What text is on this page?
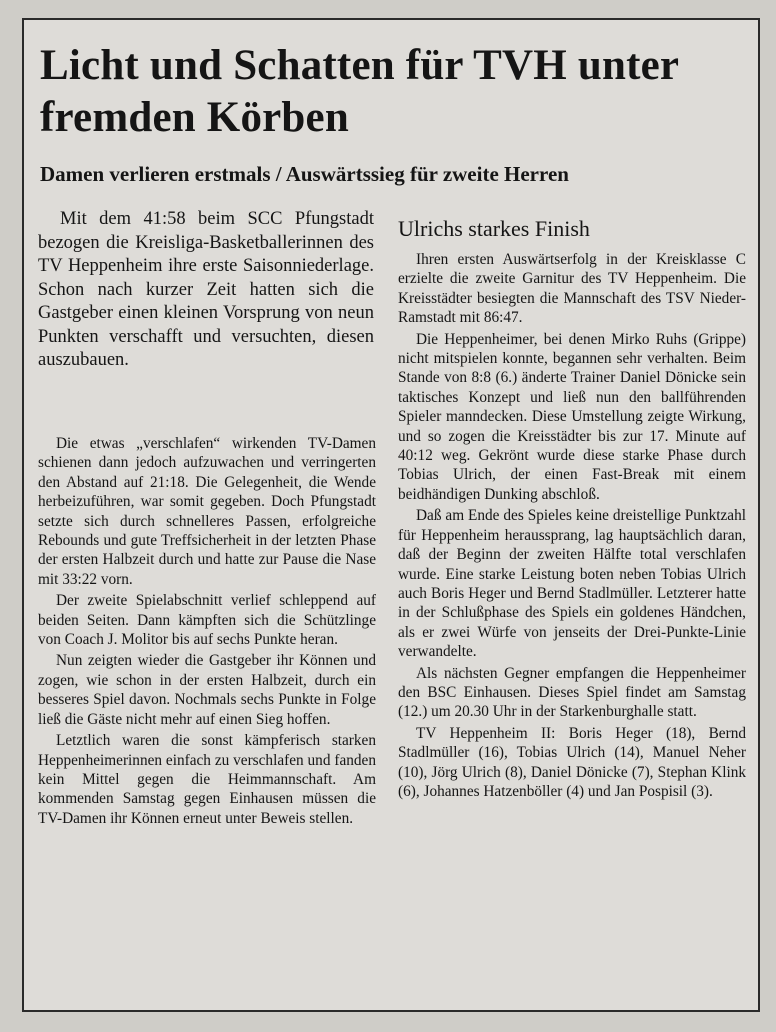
Licht und Schatten für TVH unter fremden Körben
Damen verlieren erstmals / Auswärtssieg für zweite Herren

Mit dem 41:58 beim SCC Pfungstadt bezogen die Kreisliga-Basketballerinnen des TV Heppenheim ihre erste Saisonniederlage. Schon nach kurzer Zeit hatten sich die Gastgeber einen kleinen Vorsprung von neun Punkten verschafft und versuchten, diesen auszubauen.

Die etwas „verschlafen“ wirkenden TV-Damen schienen dann jedoch aufzuwachen und verringerten den Abstand auf 21:18. Die Gelegenheit, die Wende herbeizuführen, war somit gegeben. Doch Pfungstadt setzte sich durch schnelleres Passen, erfolgreiche Rebounds und gute Treffsicherheit in der letzten Phase der ersten Halbzeit durch und hatte zur Pause die Nase mit 33:22 vorn.

Der zweite Spielabschnitt verlief schleppend auf beiden Seiten. Dann kämpften sich die Schützlinge von Coach J. Molitor bis auf sechs Punkte heran.

Nun zeigten wieder die Gastgeber ihr Können und zogen, wie schon in der ersten Halbzeit, durch ein besseres Spiel davon. Nochmals sechs Punkte in Folge ließ die Gäste nicht mehr auf einen Sieg hoffen.

Letztlich waren die sonst kämpferisch starken Heppenheimerinnen einfach zu verschlafen und fanden kein Mittel gegen die Heimmannschaft. Am kommenden Samstag gegen Einhausen müssen die TV-Damen ihr Können erneut unter Beweis stellen.

Ulrichs starkes Finish

Ihren ersten Auswärtserfolg in der Kreisklasse C erzielte die zweite Garnitur des TV Heppenheim. Die Kreisstädter besiegten die Mannschaft des TSV Nieder-Ramstadt mit 86:47.

Die Heppenheimer, bei denen Mirko Ruhs (Grippe) nicht mitspielen konnte, begannen sehr verhalten. Beim Stande von 8:8 (6.) änderte Trainer Daniel Dönicke sein taktisches Konzept und ließ nun den ballführenden Spieler manndecken. Diese Umstellung zeigte Wirkung, und so zogen die Kreisstädter bis zur 17. Minute auf 40:12 weg. Gekrönt wurde diese starke Phase durch Tobias Ulrich, der einen Fast-Break mit einem beidhändigen Dunking abschloß.

Daß am Ende des Spieles keine dreistellige Punktzahl für Heppenheim heraussprang, lag hauptsächlich daran, daß der Beginn der zweiten Hälfte total verschlafen wurde. Eine starke Leistung boten neben Tobias Ulrich auch Boris Heger und Bernd Stadlmüller. Letzterer hatte in der Schlußphase des Spiels ein goldenes Händchen, als er zwei Würfe von jenseits der Drei-Punkte-Linie verwandelte.

Als nächsten Gegner empfangen die Heppenheimer den BSC Einhausen. Dieses Spiel findet am Samstag (12.) um 20.30 Uhr in der Starkenburghalle statt.

TV Heppenheim II: Boris Heger (18), Bernd Stadlmüller (16), Tobias Ulrich (14), Manuel Neher (10), Jörg Ulrich (8), Daniel Dönicke (7), Stephan Klink (6), Johannes Hatzenböller (4) und Jan Pospisil (3).
